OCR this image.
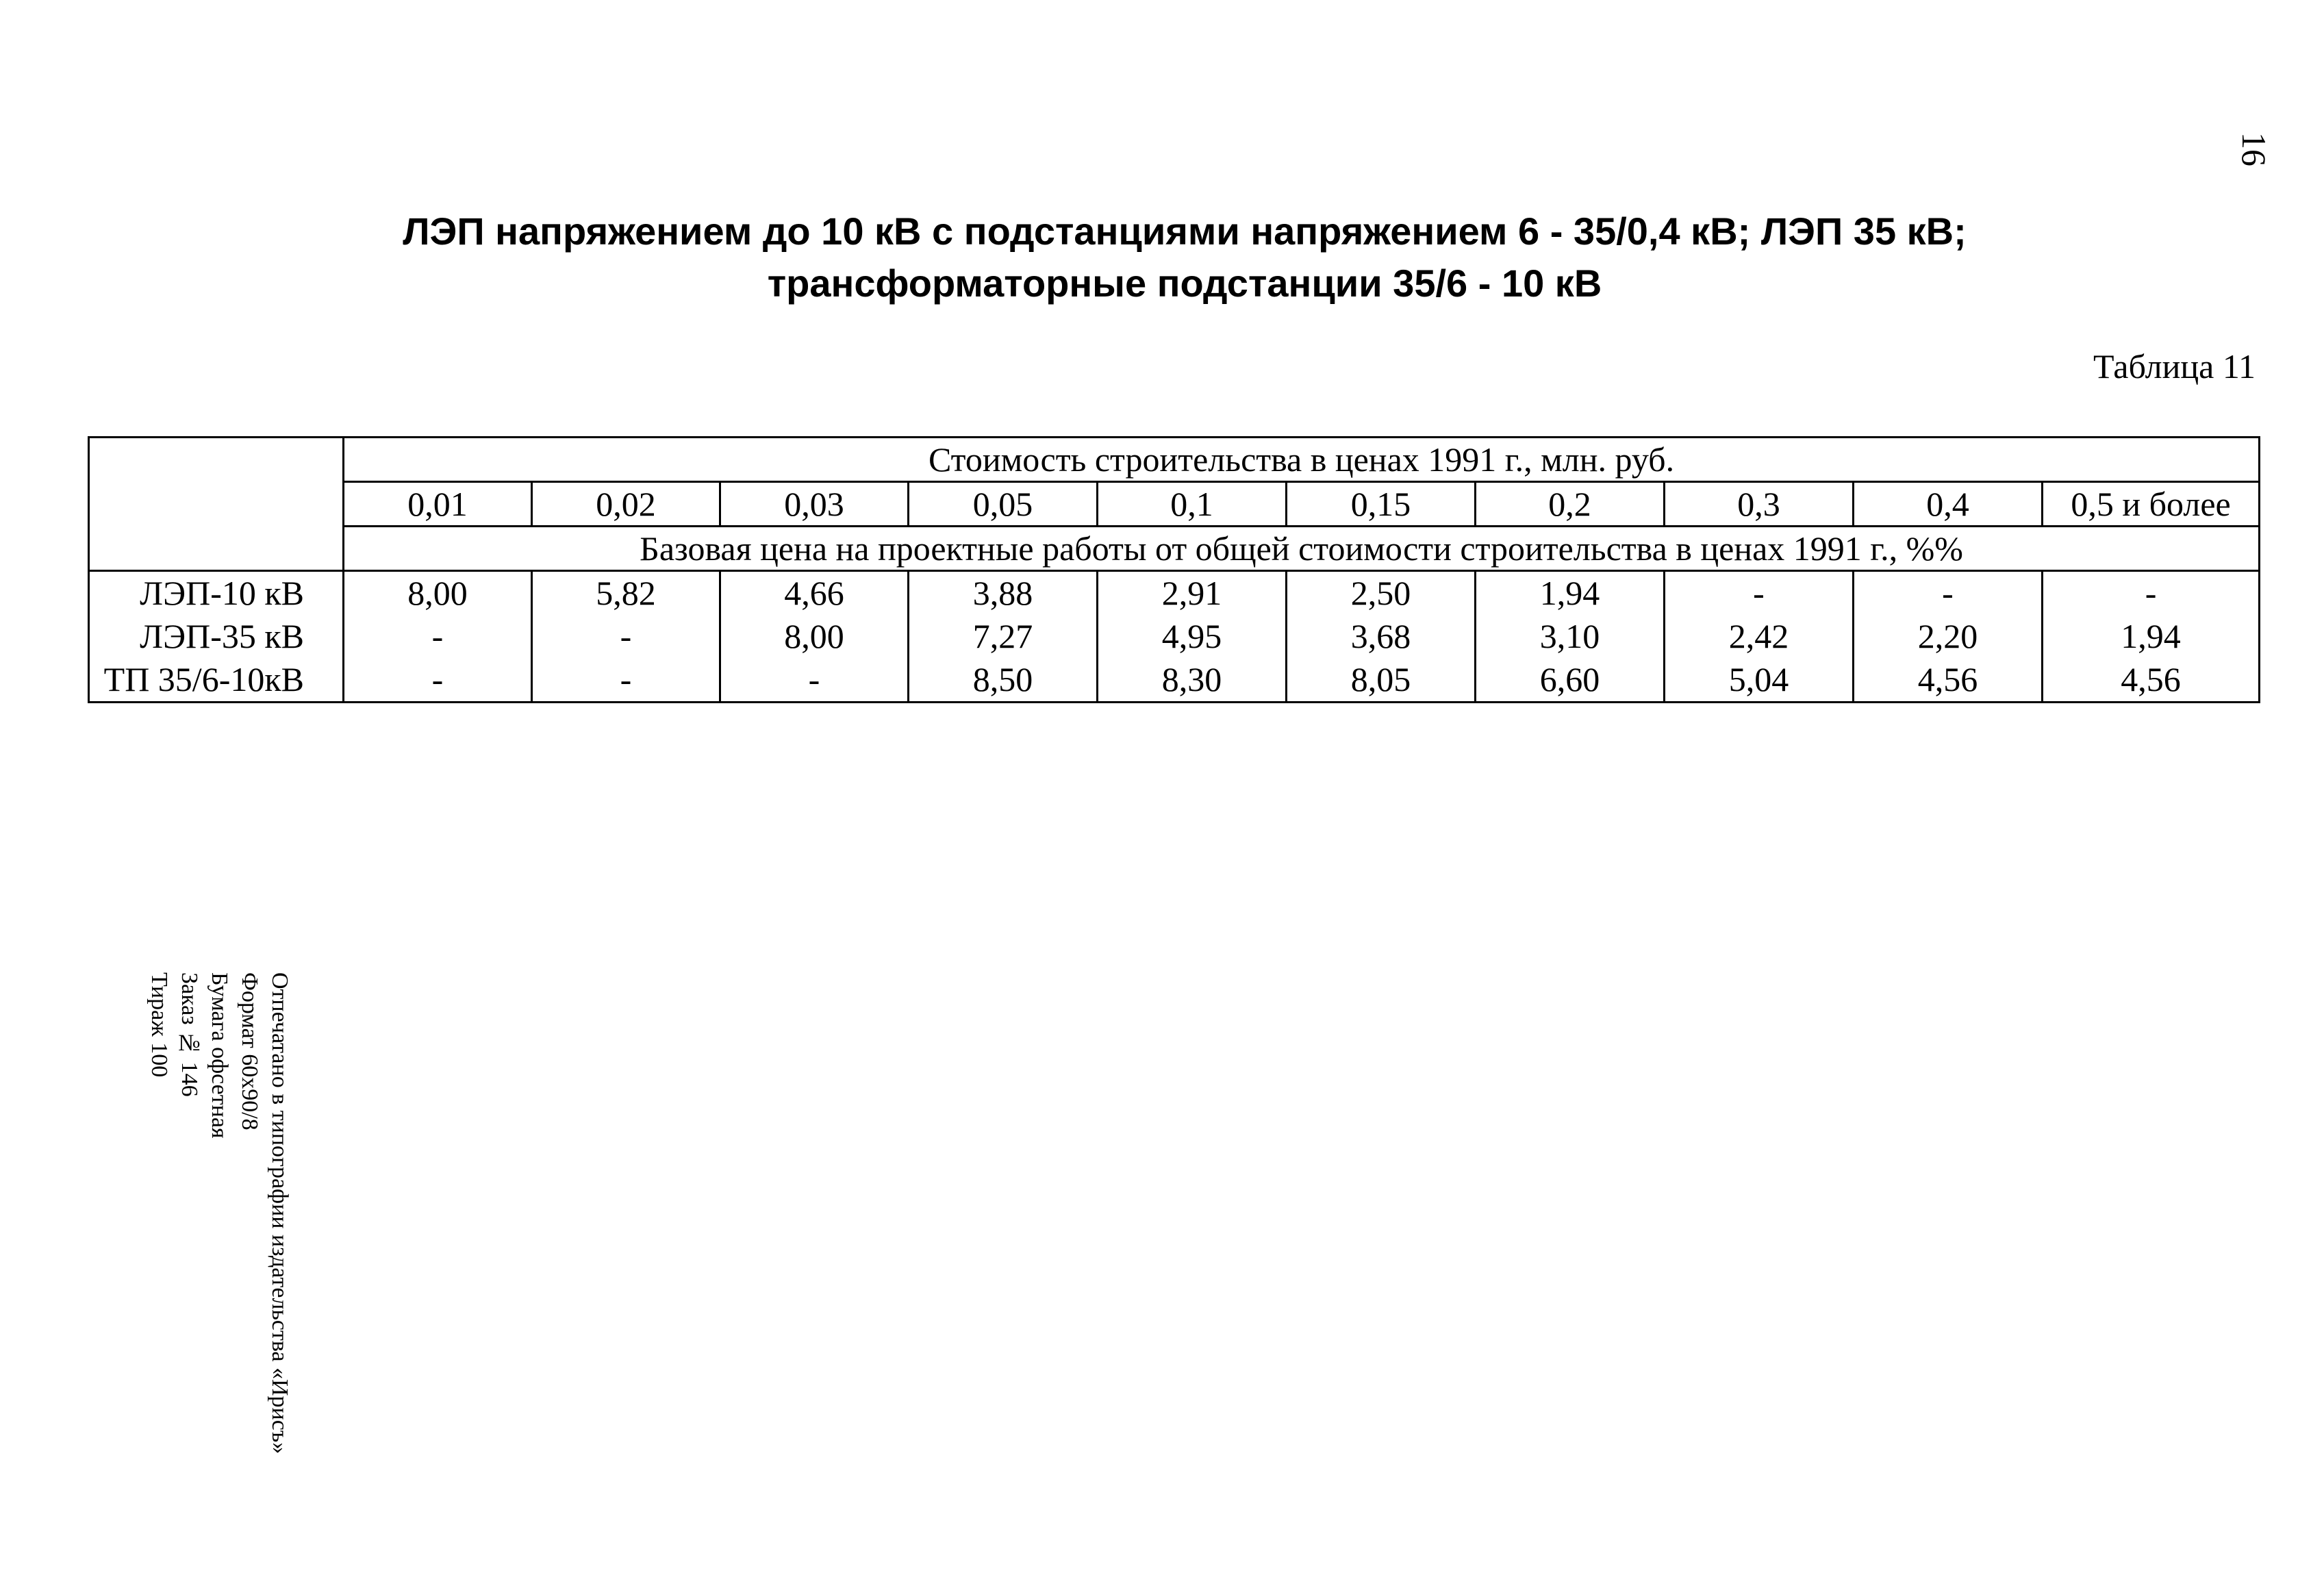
16
ЛЭП напряжением до 10 кВ с подстанциями напряжением 6 - 35/0,4 кВ; ЛЭП 35 кВ;
трансформаторные подстанции 35/6 - 10 кВ
Таблица 11
	Стоимость строительства в ценах 1991 г., млн. руб.									
	0,01	0,02	0,03	0,05	0,1	0,15	0,2	0,3	0,4	0,5 и более
	Базовая цена на проектные работы от общей стоимости строительства в ценах 1991 г., %%									
ЛЭП-10 кВ	8,00	5,82	4,66	3,88	2,91	2,50	1,94	-	-	-
ЛЭП-35 кВ	-	-	8,00	7,27	4,95	3,68	3,10	2,42	2,20	1,94
ТП 35/6-10кВ	-	-	-	8,50	8,30	8,05	6,60	5,04	4,56	4,56
Отпечатано в типографии издательства «Ирисъ»
Формат 60х90/8
Бумага офсетная
Заказ № 146
Тираж 100
